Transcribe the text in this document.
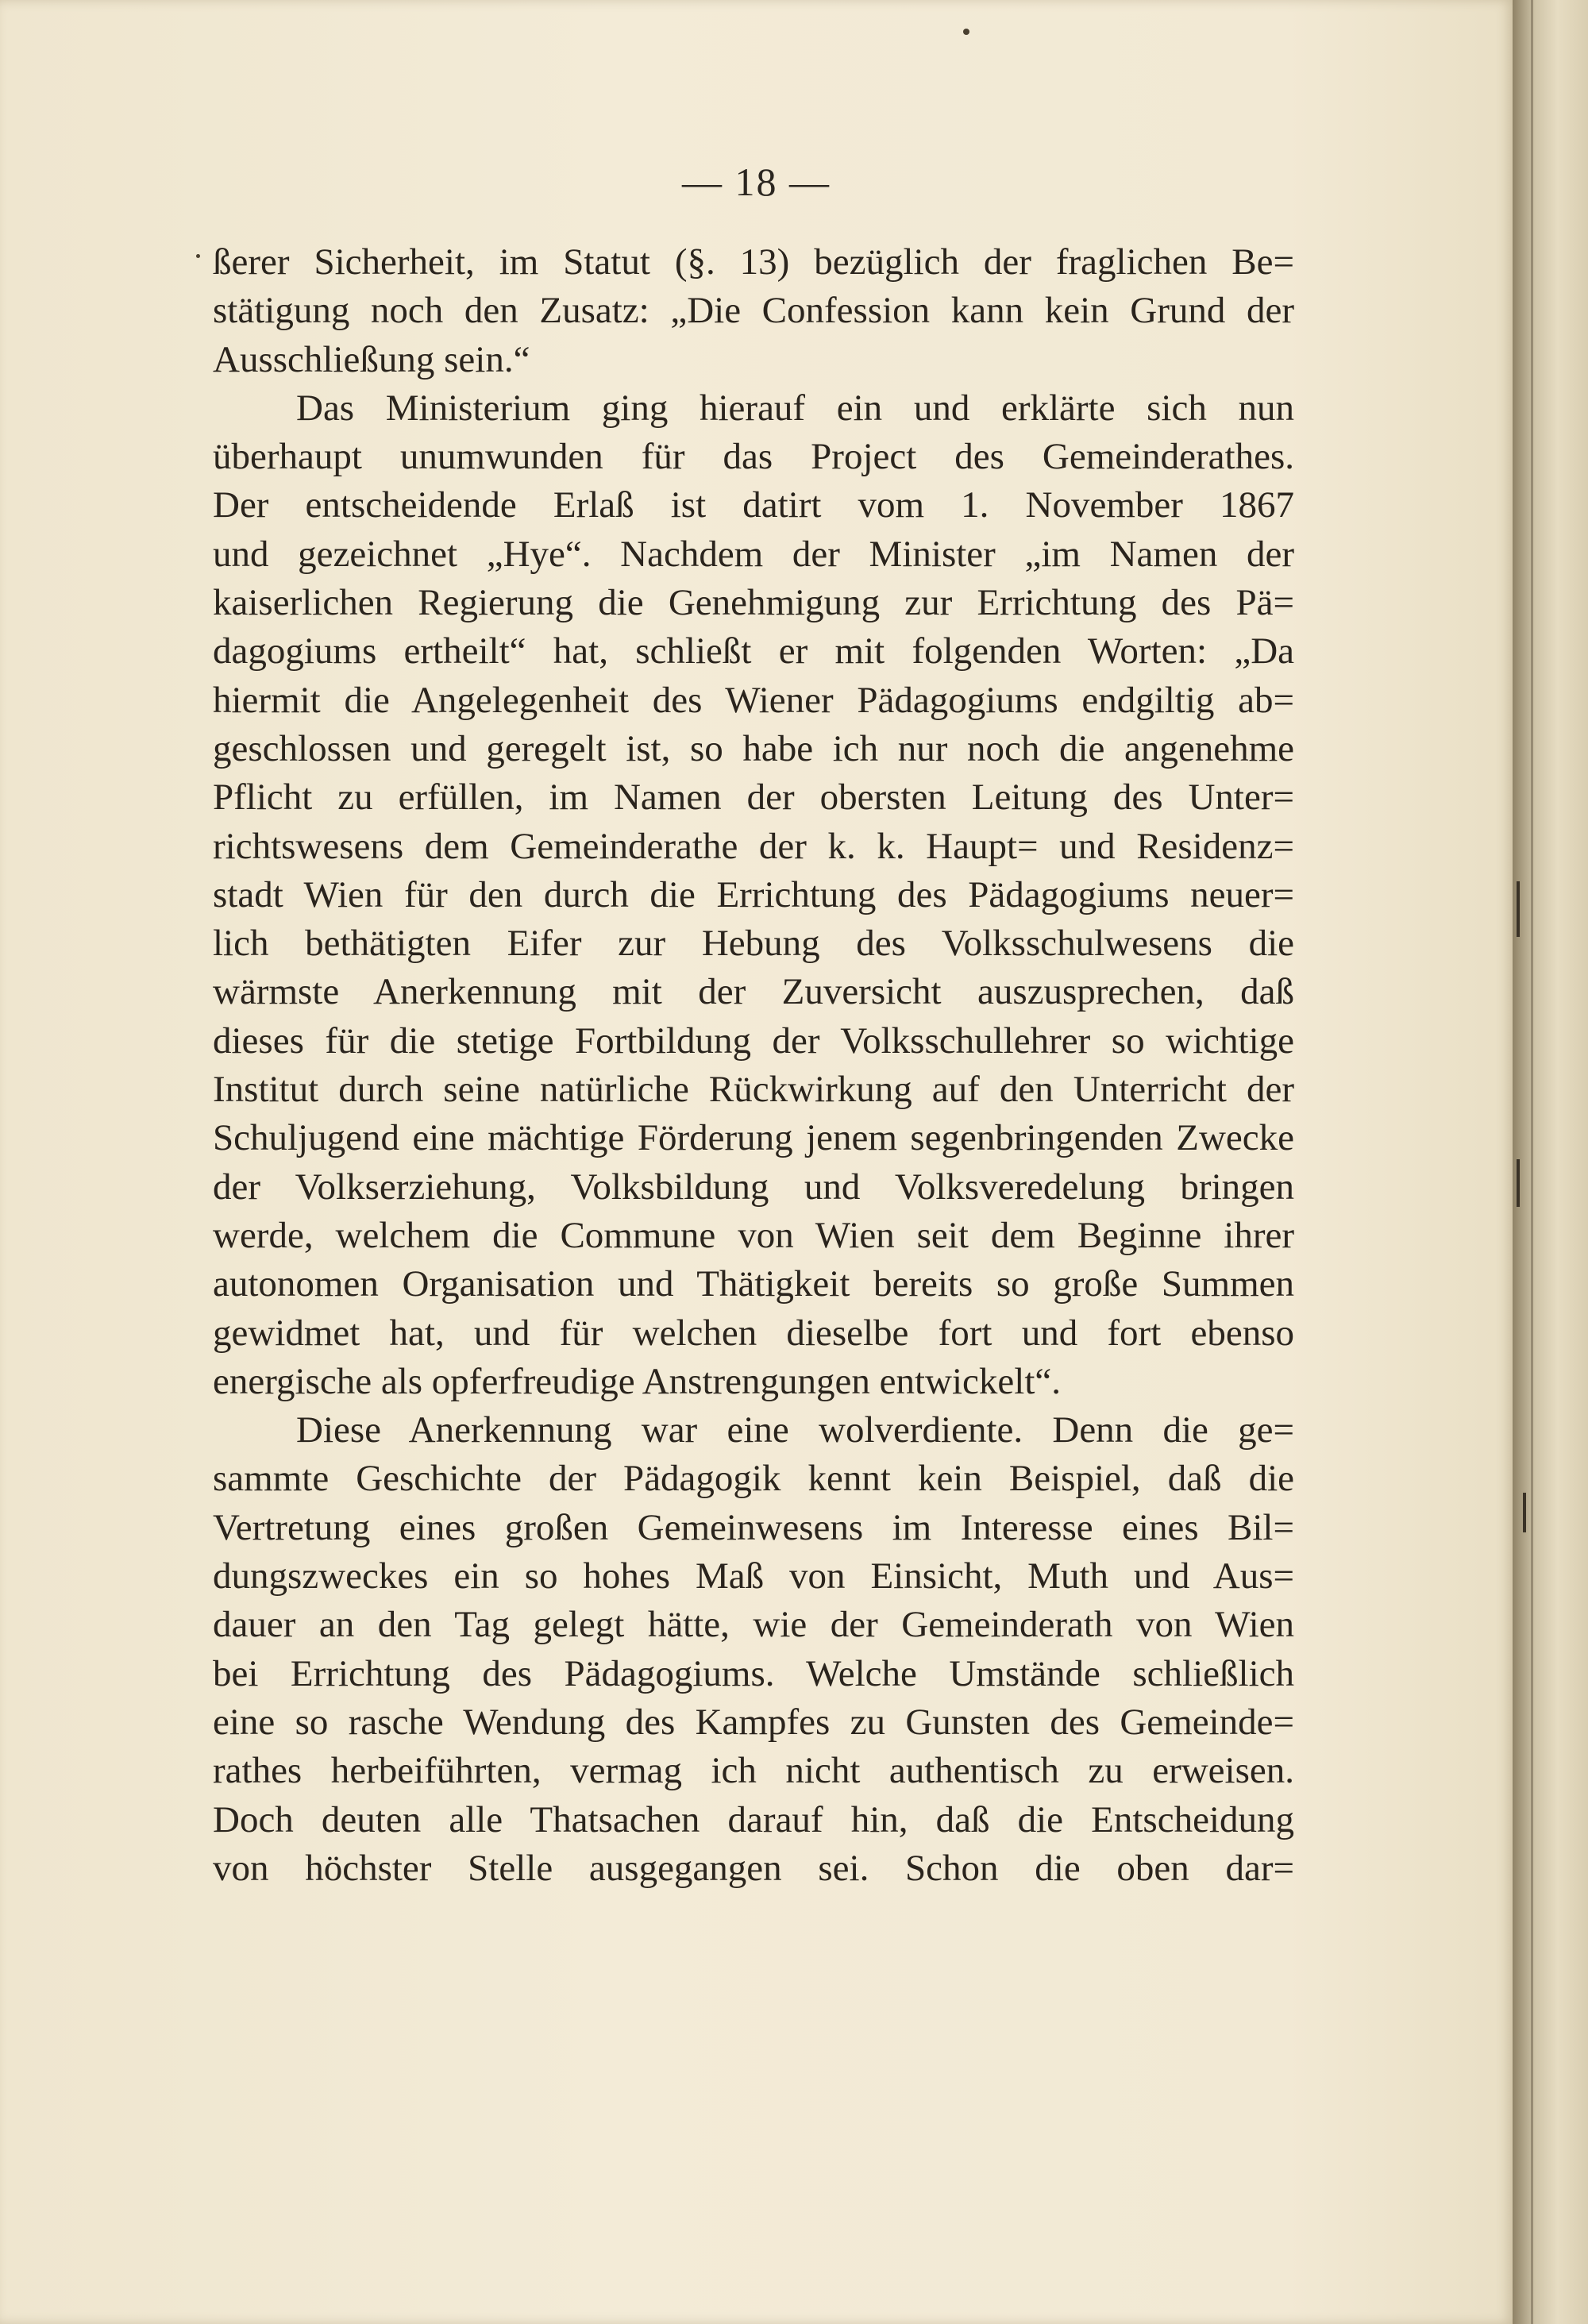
— 18 —
ßerer Sicherheit, im Statut (§. 13) bezüglich der fraglichen Be=
stätigung noch den Zusatz: „Die Confession kann kein Grund der
Ausschließung sein.“
Das Ministerium ging hierauf ein und erklärte sich nun
überhaupt unumwunden für das Project des Gemeinderathes.
Der entscheidende Erlaß ist datirt vom 1. November 1867
und gezeichnet „Hye“. Nachdem der Minister „im Namen der
kaiserlichen Regierung die Genehmigung zur Errichtung des Pä=
dagogiums ertheilt“ hat, schließt er mit folgenden Worten: „Da
hiermit die Angelegenheit des Wiener Pädagogiums endgiltig ab=
geschlossen und geregelt ist, so habe ich nur noch die angenehme
Pflicht zu erfüllen, im Namen der obersten Leitung des Unter=
richtswesens dem Gemeinderathe der k. k. Haupt= und Residenz=
stadt Wien für den durch die Errichtung des Pädagogiums neuer=
lich bethätigten Eifer zur Hebung des Volksschulwesens die
wärmste Anerkennung mit der Zuversicht auszusprechen, daß
dieses für die stetige Fortbildung der Volksschullehrer so wichtige
Institut durch seine natürliche Rückwirkung auf den Unterricht der
Schuljugend eine mächtige Förderung jenem segenbringenden Zwecke
der Volkserziehung, Volksbildung und Volksveredelung bringen
werde, welchem die Commune von Wien seit dem Beginne ihrer
autonomen Organisation und Thätigkeit bereits so große Summen
gewidmet hat, und für welchen dieselbe fort und fort ebenso
energische als opferfreudige Anstrengungen entwickelt“.
Diese Anerkennung war eine wolverdiente. Denn die ge=
sammte Geschichte der Pädagogik kennt kein Beispiel, daß die
Vertretung eines großen Gemeinwesens im Interesse eines Bil=
dungszweckes ein so hohes Maß von Einsicht, Muth und Aus=
dauer an den Tag gelegt hätte, wie der Gemeinderath von Wien
bei Errichtung des Pädagogiums. Welche Umstände schließlich
eine so rasche Wendung des Kampfes zu Gunsten des Gemeinde=
rathes herbeiführten, vermag ich nicht authentisch zu erweisen.
Doch deuten alle Thatsachen darauf hin, daß die Entscheidung
von höchster Stelle ausgegangen sei. Schon die oben dar=
